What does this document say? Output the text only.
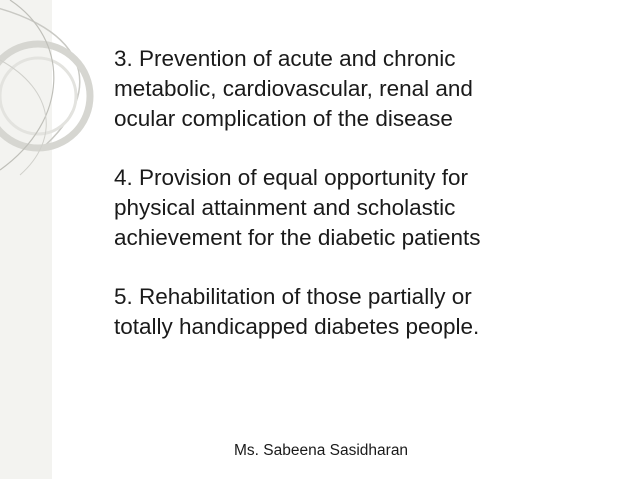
3. Prevention of acute and chronic
metabolic, cardiovascular, renal and
ocular complication of the disease
4. Provision of equal opportunity for
physical attainment and scholastic
achievement for the diabetic patients
5. Rehabilitation of those partially or
totally handicapped diabetes people.
Ms. Sabeena Sasidharan
